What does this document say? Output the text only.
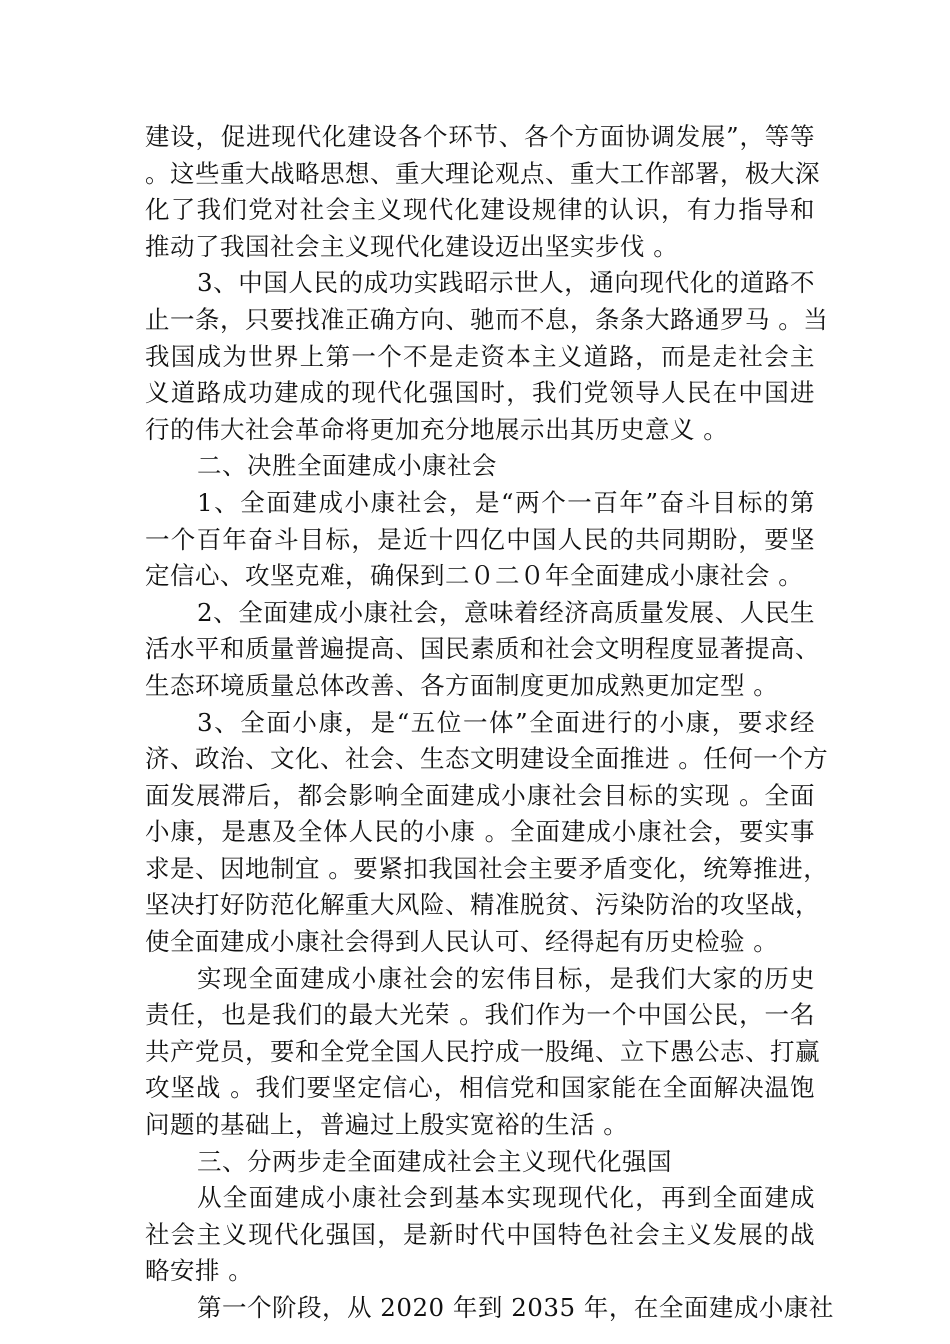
建设，促进现代化建设各个环节、各个方面协调发展”，等等
。这些重大战略思想、重大理论观点、重大工作部署，极大深
化了我们党对社会主义现代化建设规律的认识，有力指导和
推动了我国社会主义现代化建设迈出坚实步伐 。
3、中国人民的成功实践昭示世人，通向现代化的道路不
止一条，只要找准正确方向、驰而不息，条条大路通罗马 。当
我国成为世界上第一个不是走资本主义道路，而是走社会主
义道路成功建成的现代化强国时，我们党领导人民在中国进
行的伟大社会革命将更加充分地展示出其历史意义 。
二、决胜全面建成小康社会
1、全面建成小康社会，是“两个一百年”奋斗目标的第
一个百年奋斗目标，是近十四亿中国人民的共同期盼，要坚
定信心、攻坚克难，确保到二０二０年全面建成小康社会 。
2、全面建成小康社会，意味着经济高质量发展、人民生
活水平和质量普遍提高、国民素质和社会文明程度显著提高、
生态环境质量总体改善、各方面制度更加成熟更加定型 。
3、全面小康，是“五位一体”全面进行的小康，要求经
济、政治、文化、社会、生态文明建设全面推进 。任何一个方
面发展滞后，都会影响全面建成小康社会目标的实现 。全面
小康，是惠及全体人民的小康 。全面建成小康社会，要实事
求是、因地制宜 。要紧扣我国社会主要矛盾变化，统筹推进，
坚决打好防范化解重大风险、精准脱贫、污染防治的攻坚战，
使全面建成小康社会得到人民认可、经得起有历史检验 。
实现全面建成小康社会的宏伟目标，是我们大家的历史
责任，也是我们的最大光荣 。我们作为一个中国公民，一名
共产党员，要和全党全国人民拧成一股绳、立下愚公志、打赢
攻坚战 。我们要坚定信心，相信党和国家能在全面解决温饱
问题的基础上，普遍过上殷实宽裕的生活 。
三、分两步走全面建成社会主义现代化强国
从全面建成小康社会到基本实现现代化，再到全面建成
社会主义现代化强国，是新时代中国特色社会主义发展的战
略安排 。
第一个阶段，从 2020 年到 2035 年，在全面建成小康社
